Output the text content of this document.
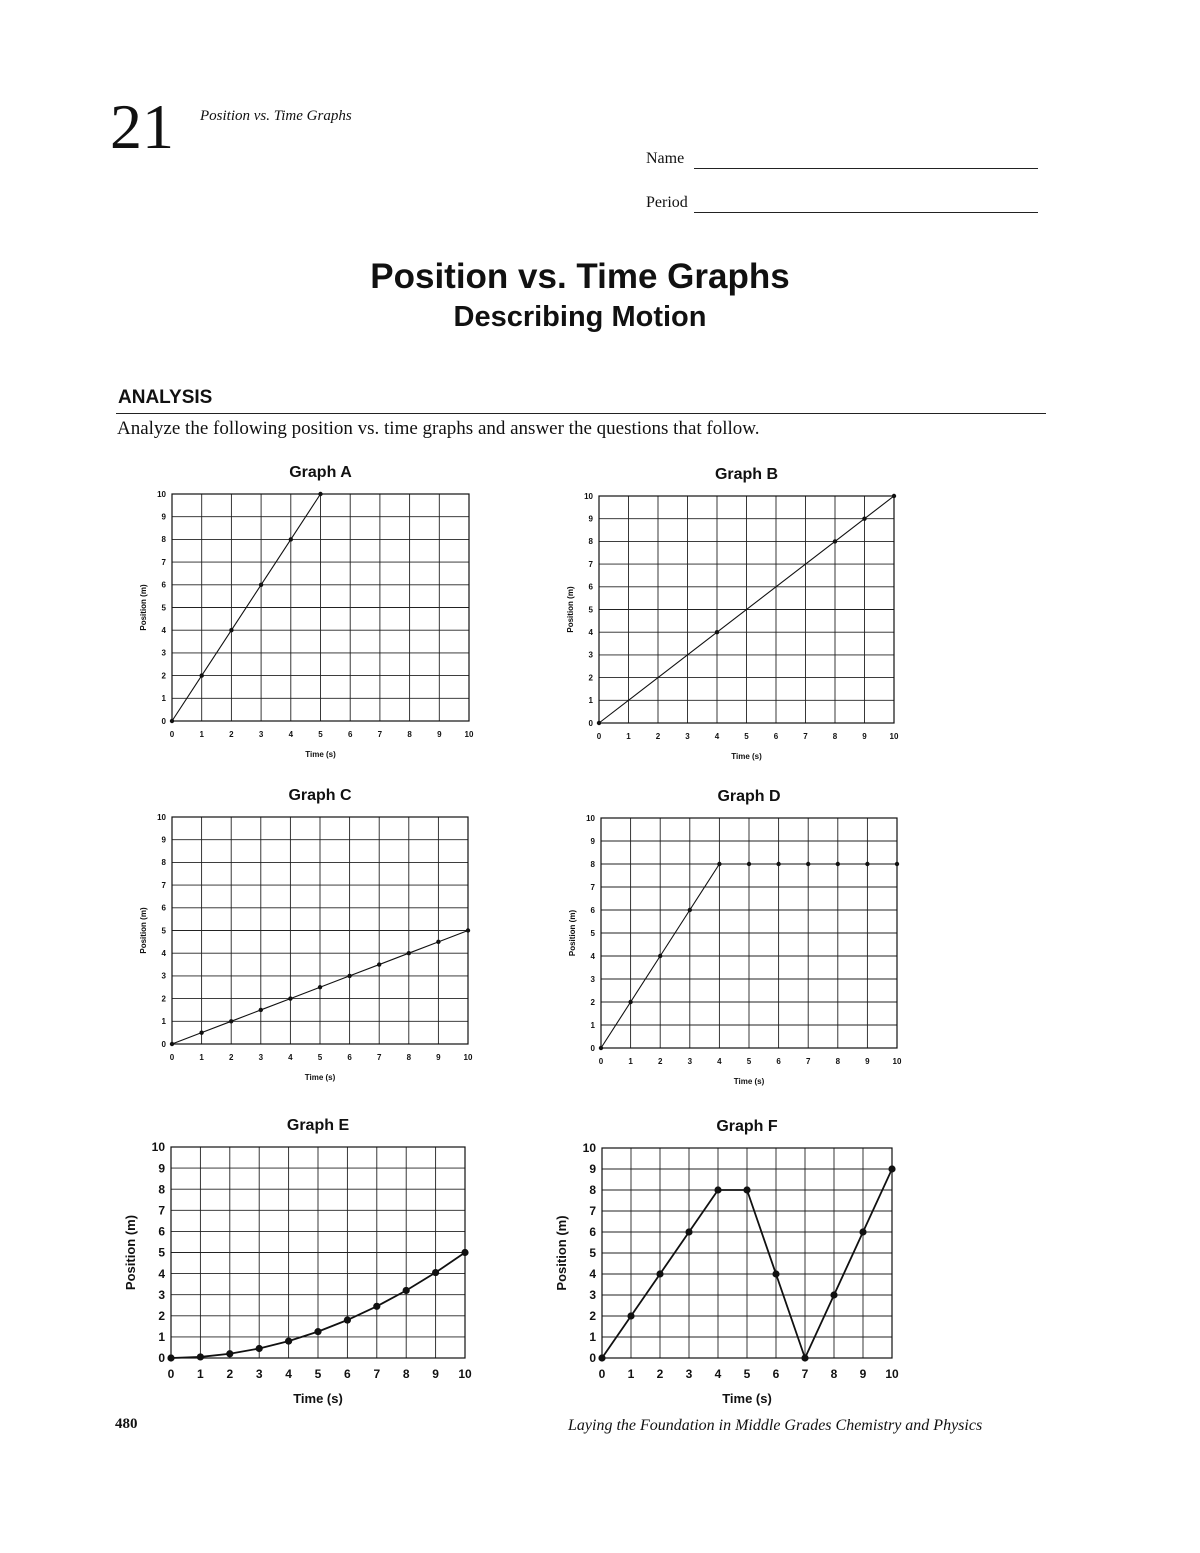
21 Position vs. Time Graphs
Name
Period
Position vs. Time Graphs
Describing Motion
ANALYSIS
Analyze the following position vs. time graphs and answer the questions that follow.
Graph A
0	1	2	3	4	5	6	7	8	9	10
0
1
2
3
4
5
6
7
8
9
10
Time (s)
Position (m)
Graph B
0	1	2	3	4	5	6	7	8	9	10
0
1
2
3
4
5
6
7
8
9
10
Time (s)
Position (m)
Graph C
0	1	2	3	4	5	6	7	8	9	10
0
1
2
3
4
5
6
7
8
9
10
Time (s)
Position (m)
Graph D
0	1	2	3	4	5	6	7	8	9	10
0
1
2
3
4
5
6
7
8
9
10
Time (s)
Position (m)
Graph E
0 1 2 3 4 5 6 7 8 9 10
0
1
2
3
4
5
6
7
8
9
10
Time (s)
Position (m)
Graph F
0 1 2 3 4 5 6 7 8 9 10
0
1
2
3
4
5
6
7
8
9
10
Time (s)
Position (m)
480	Laying the Foundation in Middle Grades Chemistry and Physics
